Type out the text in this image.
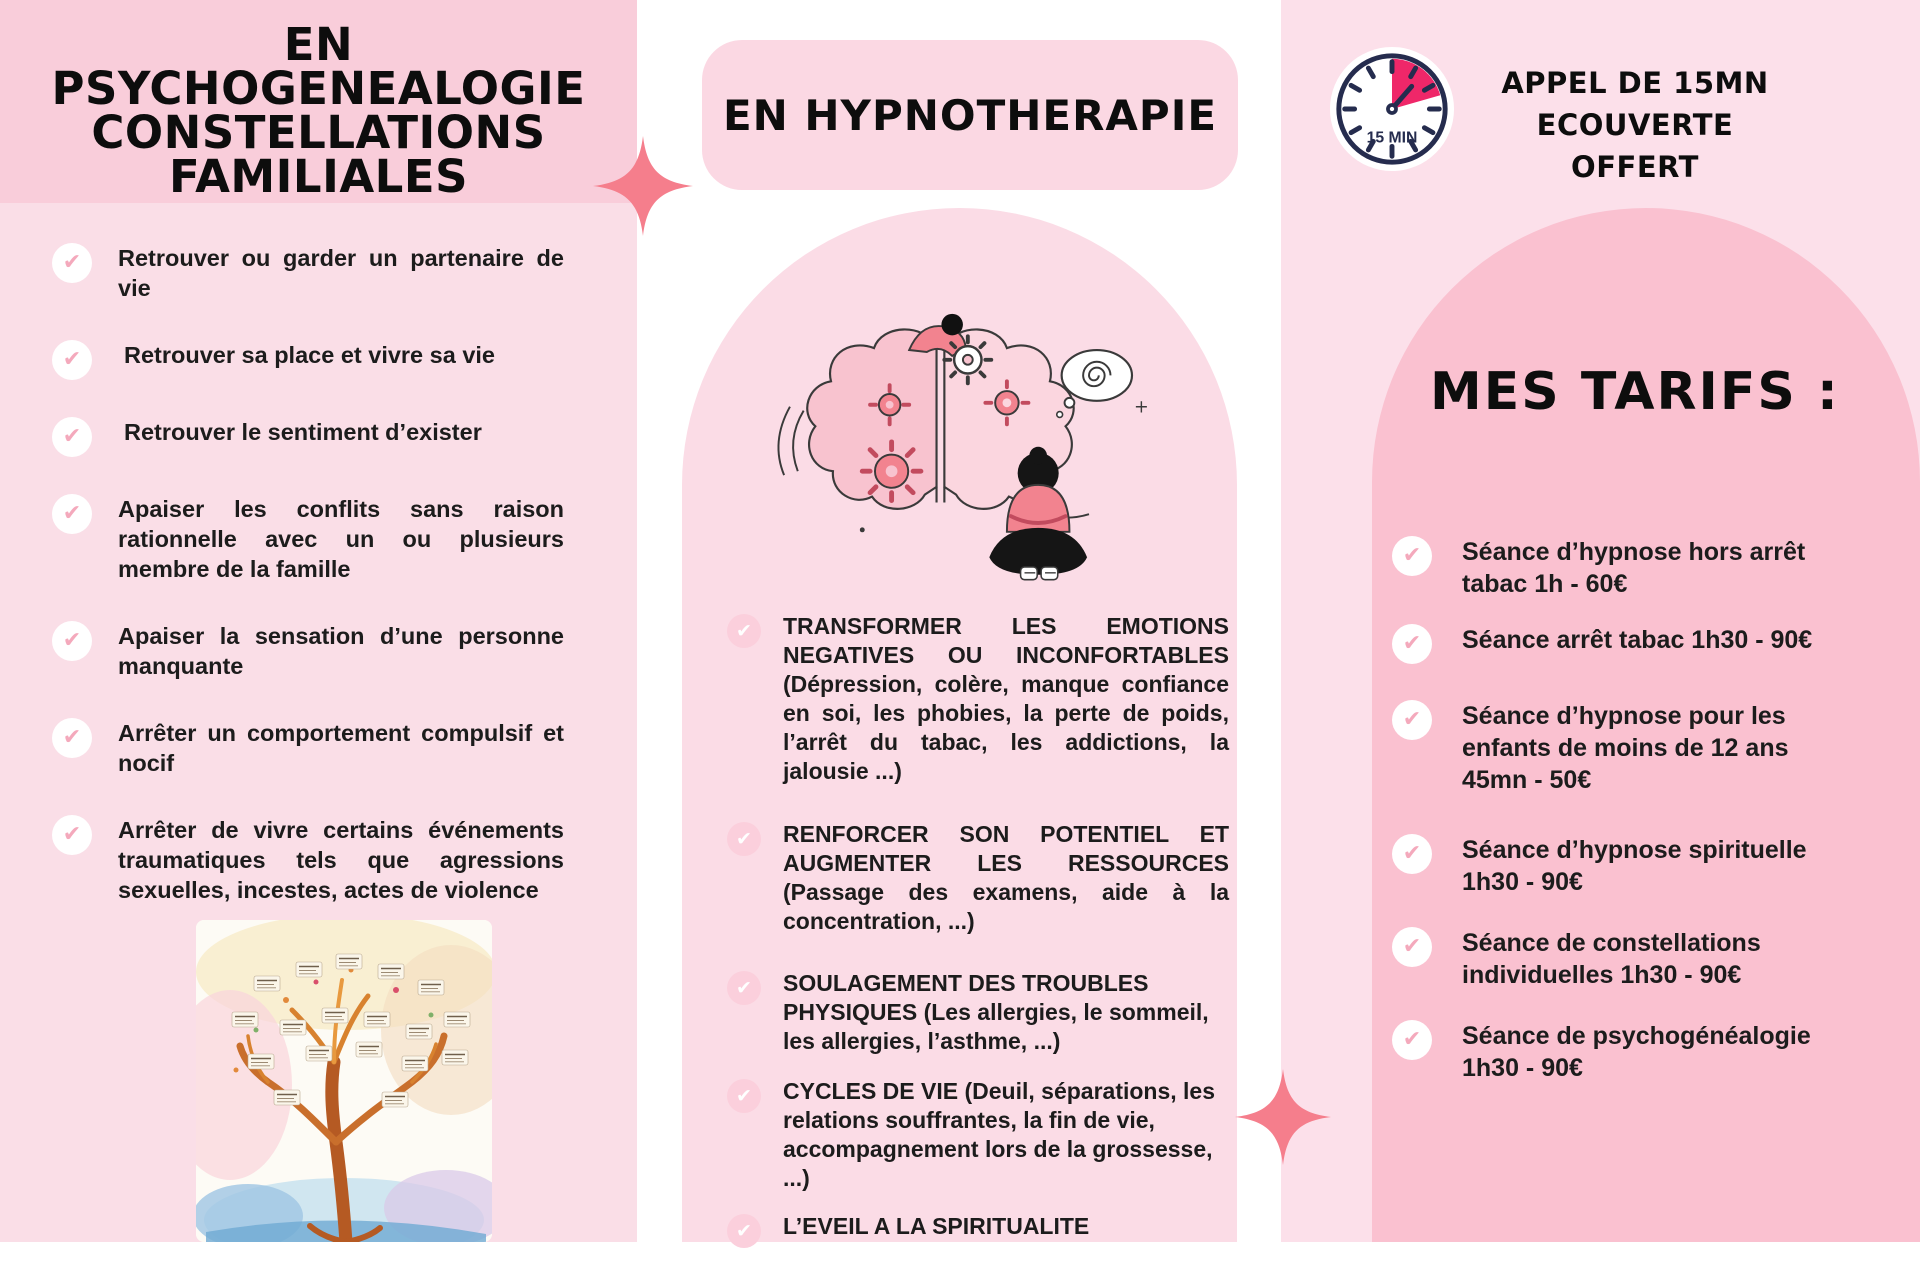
EN
PSYCHOGENEALOGIE
CONSTELLATIONS
FAMILIALES
✔	Retrouver ou garder un partenaire de vie

✔	Retrouver sa place et vivre sa vie

✔	Retrouver le sentiment d’exister

✔	Apaiser les conflits sans raison rationnelle avec un ou plusieurs membre de la famille

✔	Apaiser la sensation d’une personne manquante

✔	Arrêter un comportement compulsif et nocif

✔	Arrêter de vivre certains événements traumatiques tels que agressions sexuelles, incestes, actes de violence

EN HYPNOTHERAPIE
+
✔	TRANSFORMER LES EMOTIONS NEGATIVES OU INCONFORTABLES (Dépression, colère, manque confiance en soi, les phobies, la perte de poids, l’arrêt du tabac, les addictions, la jalousie ...)

✔	RENFORCER SON POTENTIEL ET AUGMENTER LES RESSOURCES (Passage des examens, aide à la concentration, ...)

✔	SOULAGEMENT DES TROUBLES PHYSIQUES (Les allergies, le sommeil, les allergies, l’asthme, ...)

✔	CYCLES DE VIE (Deuil, séparations, les relations souffrantes, la fin de vie, accompagnement lors de la grossesse, ...)

✔	L’EVEIL A LA SPIRITUALITE

15 MIN
APPEL DE 15MN
ECOUVERTE OFFERT
MES TARIFS :
✔	Séance d’hypnose hors arrêt tabac 1h - 60€

✔	Séance arrêt tabac 1h30 - 90€

✔	Séance d’hypnose pour les enfants de moins de 12 ans 45mn - 50€

✔	Séance d’hypnose spirituelle 1h30 - 90€

✔	Séance de constellations individuelles 1h30 - 90€

✔	Séance de psychogénéalogie 1h30 - 90€
